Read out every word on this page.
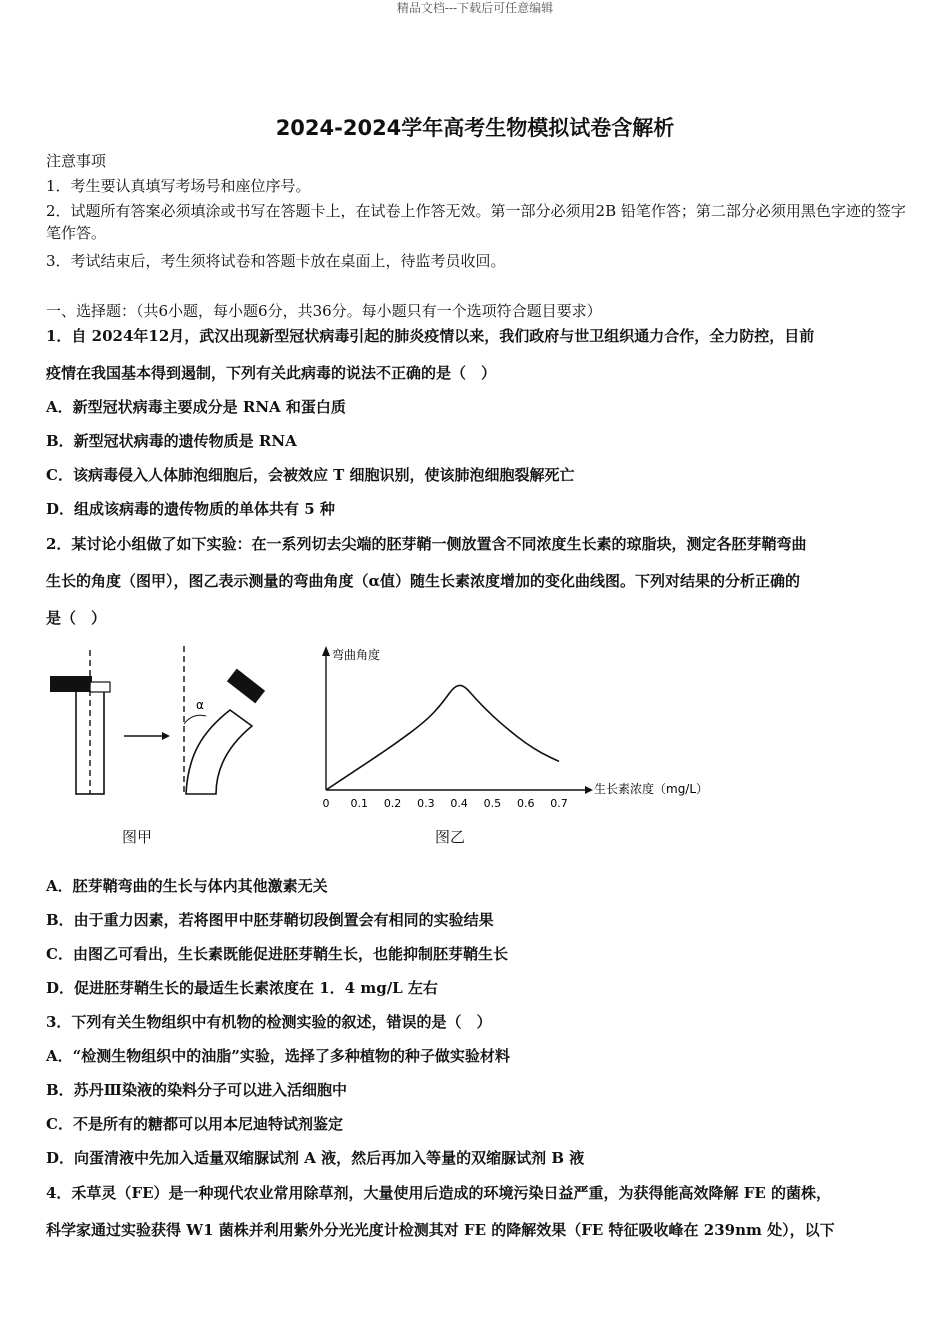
精品文档---下载后可任意编辑
2024-2024学年高考生物模拟试卷含解析
注意事项
1．考生要认真填写考场号和座位序号。
2．试题所有答案必须填涂或书写在答题卡上，在试卷上作答无效。第一部分必须用2B 铅笔作答；第二部分必须用黑色字迹的签字笔作答。
3．考试结束后，考生须将试卷和答题卡放在桌面上，待监考员收回。
一、选择题：（共6小题，每小题6分，共36分。每小题只有一个选项符合题目要求）
1．自 2024年12月，武汉出现新型冠状病毒引起的肺炎疫情以来，我们政府与世卫组织通力合作，全力防控，目前
疫情在我国基本得到遏制，下列有关此病毒的说法不正确的是（　）
A．新型冠状病毒主要成分是 RNA 和蛋白质
B．新型冠状病毒的遗传物质是 RNA
C．该病毒侵入人体肺泡细胞后，会被效应 T 细胞识别，使该肺泡细胞裂解死亡
D．组成该病毒的遗传物质的单体共有 5 种
2．某讨论小组做了如下实验：在一系列切去尖端的胚芽鞘一侧放置含不同浓度生长素的琼脂块，测定各胚芽鞘弯曲
生长的角度（图甲），图乙表示测量的弯曲角度（α值）随生长素浓度增加的变化曲线图。下列对结果的分析正确的
是（　）
α
图甲
弯曲角度
生长素浓度（mg/L）
0 0.1 0.2 0.3 0.4 0.5 0.6 0.7
图乙
A．胚芽鞘弯曲的生长与体内其他激素无关
B．由于重力因素，若将图甲中胚芽鞘切段倒置会有相同的实验结果
C．由图乙可看出，生长素既能促进胚芽鞘生长，也能抑制胚芽鞘生长
D．促进胚芽鞘生长的最适生长素浓度在 1．4 mg/L 左右
3．下列有关生物组织中有机物的检测实验的叙述，错误的是（　）
A．“检测生物组织中的油脂”实验，选择了多种植物的种子做实验材料
B．苏丹Ⅲ染液的染料分子可以进入活细胞中
C．不是所有的糖都可以用本尼迪特试剂鉴定
D．向蛋清液中先加入适量双缩脲试剂 A 液，然后再加入等量的双缩脲试剂 B 液
4．禾草灵（FE）是一种现代农业常用除草剂，大量使用后造成的环境污染日益严重，为获得能高效降解 FE 的菌株，
科学家通过实验获得 W1 菌株并利用紫外分光光度计检测其对 FE 的降解效果（FE 特征吸收峰在 239nm 处），以下
